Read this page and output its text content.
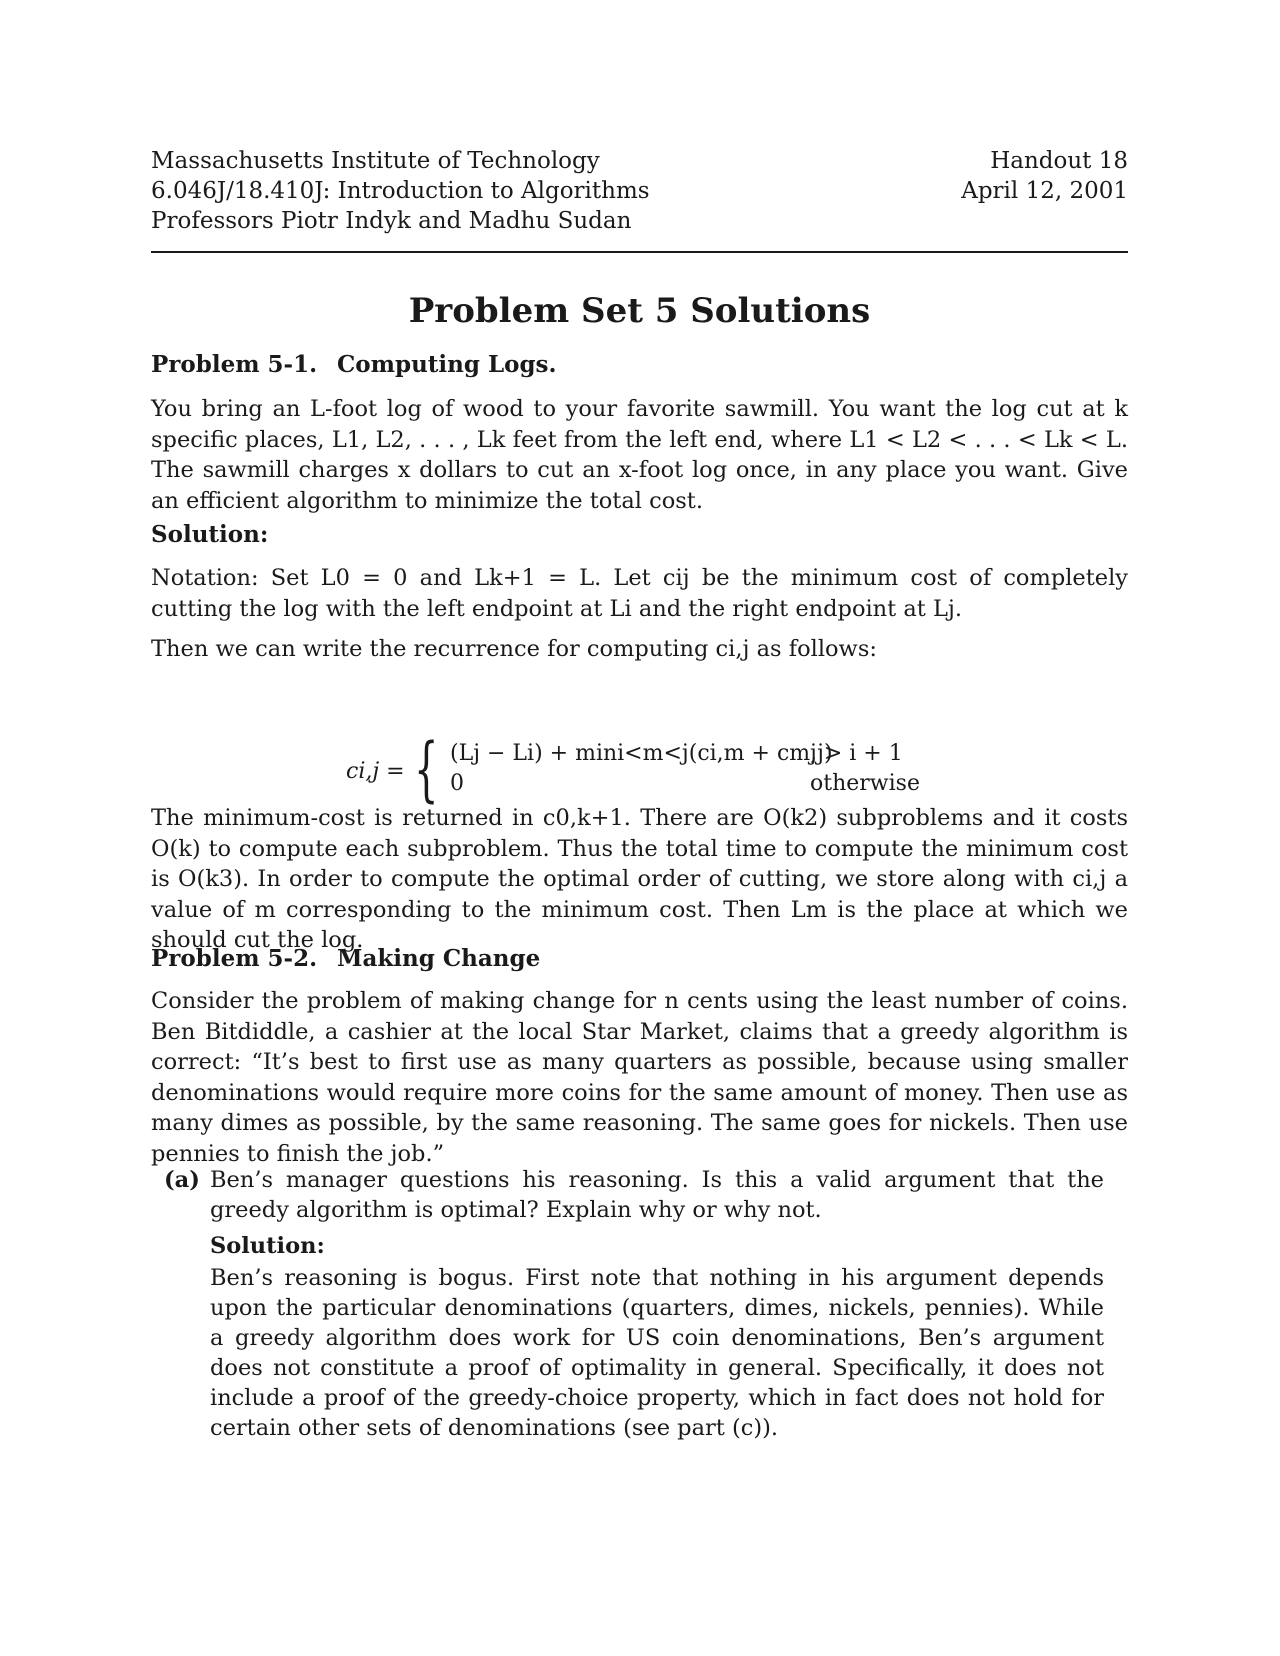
Massachusetts Institute of Technology
6.046J/18.410J: Introduction to Algorithms
Professors Piotr Indyk and Madhu Sudan
Handout 18
April 12, 2001
Problem Set 5 Solutions
Problem 5-1. Computing Logs.
You bring an L-foot log of wood to your favorite sawmill. You want the log cut at k specific places, L1, L2, . . . , Lk feet from the left end, where L1 < L2 < . . . < Lk < L. The sawmill charges x dollars to cut an x-foot log once, in any place you want. Give an efficient algorithm to minimize the total cost.
Solution:
Notation: Set L0 = 0 and Lk+1 = L. Let cij be the minimum cost of completely cutting the log with the left endpoint at Li and the right endpoint at Lj.
Then we can write the recurrence for computing ci,j as follows:
ci,j = { (Lj − Li) + mini<m<j(ci,m + cm,j)
j > i + 1
0	otherwise
The minimum-cost is returned in c0,k+1. There are O(k2) subproblems and it costs O(k) to compute each subproblem. Thus the total time to compute the minimum cost is O(k3). In order to compute the optimal order of cutting, we store along with ci,j a value of m corresponding to the minimum cost. Then Lm is the place at which we should cut the log.
Problem 5-2. Making Change
Consider the problem of making change for n cents using the least number of coins. Ben Bitdiddle, a cashier at the local Star Market, claims that a greedy algorithm is correct: “It’s best to first use as many quarters as possible, because using smaller denominations would require more coins for the same amount of money. Then use as many dimes as possible, by the same reasoning. The same goes for nickels. Then use pennies to finish the job.”
(a) Ben’s manager questions his reasoning. Is this a valid argument that the greedy algorithm is optimal? Explain why or why not.
Solution:
Ben’s reasoning is bogus. First note that nothing in his argument depends upon the particular denominations (quarters, dimes, nickels, pennies). While a greedy algorithm does work for US coin denominations, Ben’s argument does not constitute a proof of optimality in general. Specifically, it does not include a proof of the greedy-choice property, which in fact does not hold for certain other sets of denominations (see part (c)).
